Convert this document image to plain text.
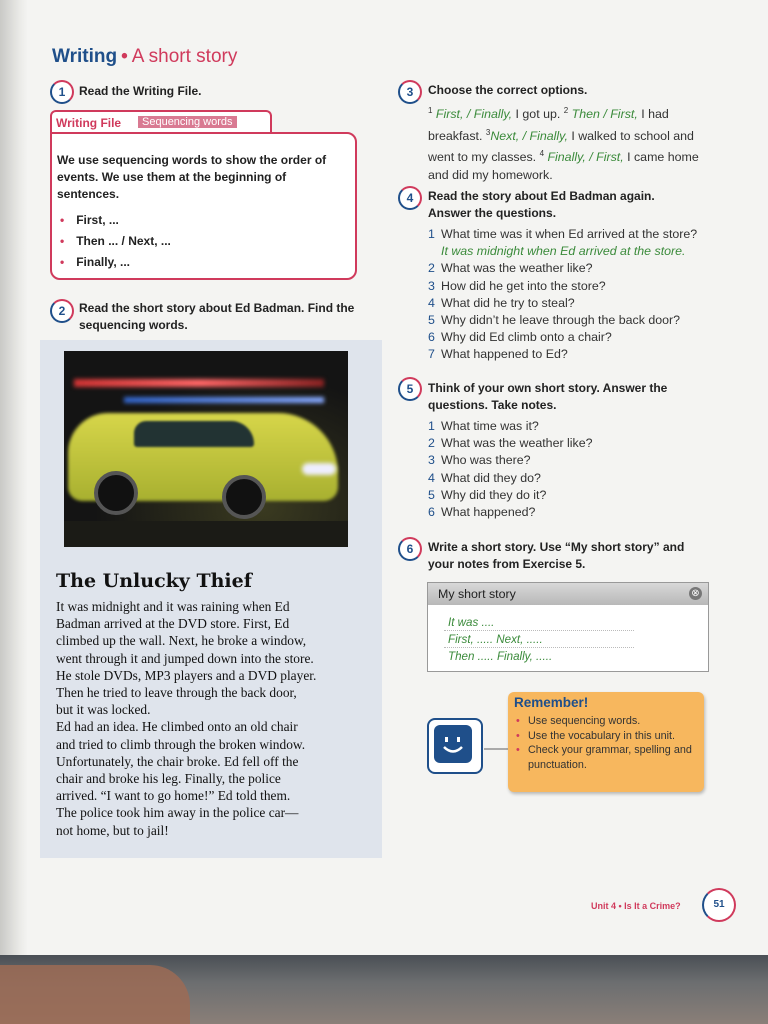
Writing • A short story
1	Read the Writing File.
Writing File	Sequencing words
We use sequencing words to show the order of events. We use them at the beginning of sentences.
• First, ...
• Then ... / Next, ...
• Finally, ...
2	Read the short story about Ed Badman. Find the
sequencing words.
The Unlucky Thief
It was midnight and it was raining when Ed
Badman arrived at the DVD store. First, Ed
climbed up the wall. Next, he broke a window,
went through it and jumped down into the store.
He stole DVDs, MP3 players and a DVD player.
Then he tried to leave through the back door,
but it was locked.
Ed had an idea. He climbed onto an old chair
and tried to climb through the broken window.
Unfortunately, the chair broke. Ed fell off the
chair and broke his leg. Finally, the police
arrived. “I want to go home!” Ed told them.
The police took him away in the police car—
not home, but to jail!
3	Choose the correct options.
$^1$ First, / Finally, I got up. $^2$ Then / First, I had breakfast. $^3$Next, / Finally, I walked to school and went to my classes. $^4$ Finally, / First, I came home and did my homework.
4	Read the story about Ed Badman again.
Answer the questions.
1 What time was it when Ed arrived at the store?
It was midnight when Ed arrived at the store.
2 What was the weather like?
3 How did he get into the store?
4 What did he try to steal?
5 Why didn’t he leave through the back door?
6 Why did Ed climb onto a chair?
7 What happened to Ed?
5	Think of your own short story. Answer the
questions. Take notes.
1 What time was it?
2 What was the weather like?
3 Who was there?
4 What did they do?
5 Why did they do it?
6 What happened?
6	Write a short story. Use “My short story” and
your notes from Exercise 5.
My short story	⊗
It was ....
First, ..... Next, .....
Then ..... Finally, .....
Remember!
• Use sequencing words.
• Use the vocabulary in this unit.
• Check your grammar, spelling and punctuation.
Unit 4 • Is It a Crime?	51
